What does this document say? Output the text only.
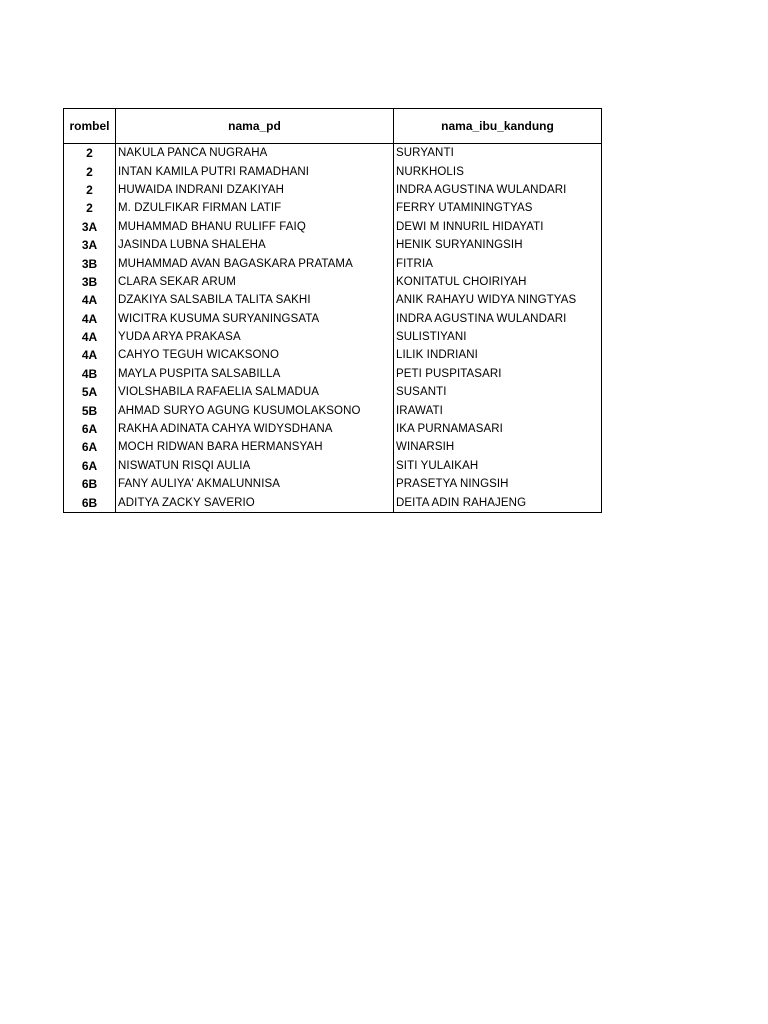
rombel	nama_pd	nama_ibu_kandung
2	NAKULA PANCA NUGRAHA	SURYANTI
2	INTAN KAMILA PUTRI RAMADHANI	NURKHOLIS
2	HUWAIDA INDRANI DZAKIYAH	INDRA AGUSTINA WULANDARI
2	M. DZULFIKAR FIRMAN LATIF	FERRY UTAMININGTYAS
3A	MUHAMMAD BHANU RULIFF FAIQ	DEWI M INNURIL HIDAYATI
3A	JASINDA LUBNA SHALEHA	HENIK SURYANINGSIH
3B	MUHAMMAD AVAN BAGASKARA PRATAMA	FITRIA
3B	CLARA SEKAR ARUM	KONITATUL CHOIRIYAH
4A	DZAKIYA SALSABILA TALITA SAKHI	ANIK RAHAYU WIDYA NINGTYAS
4A	WICITRA KUSUMA SURYANINGSATA	INDRA AGUSTINA WULANDARI
4A	YUDA ARYA PRAKASA	SULISTIYANI
4A	CAHYO TEGUH WICAKSONO	LILIK INDRIANI
4B	MAYLA PUSPITA SALSABILLA	PETI PUSPITASARI
5A	VIOLSHABILA RAFAELIA SALMADUA	SUSANTI
5B	AHMAD SURYO AGUNG KUSUMOLAKSONO	IRAWATI
6A	RAKHA ADINATA CAHYA WIDYSDHANA	IKA PURNAMASARI
6A	MOCH RIDWAN BARA HERMANSYAH	WINARSIH
6A	NISWATUN RISQI AULIA	SITI YULAIKAH
6B	FANY AULIYA' AKMALUNNISA	PRASETYA NINGSIH
6B	ADITYA ZACKY SAVERIO	DEITA ADIN RAHAJENG
